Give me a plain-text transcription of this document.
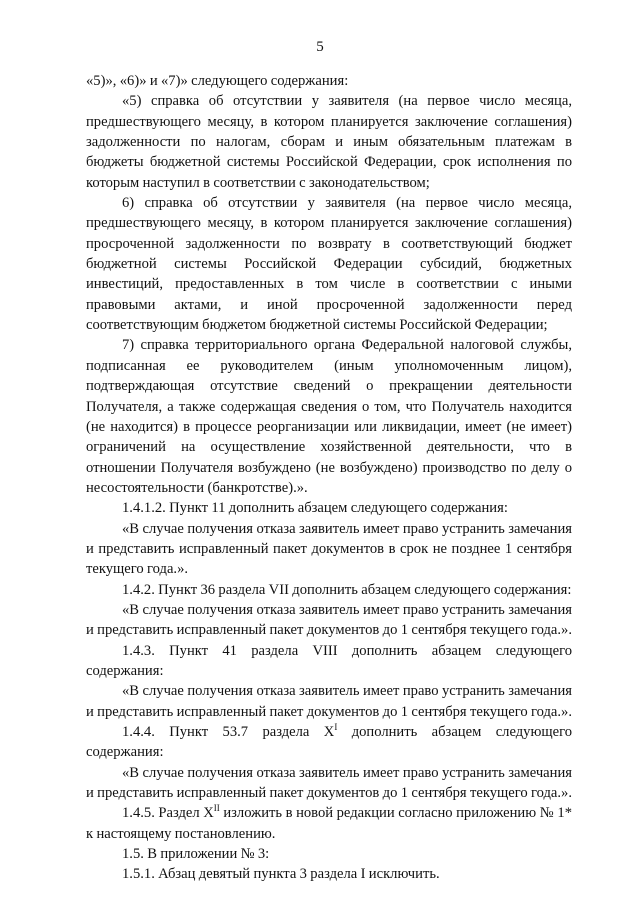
5

«5)», «6)» и «7)» следующего содержания:

«5) справка об отсутствии у заявителя (на первое число месяца, предшествующего месяцу, в котором планируется заключение соглашения) задолженности по налогам, сборам и иным обязательным платежам в бюджеты бюджетной системы Российской Федерации, срок исполнения по которым наступил в соответствии с законодательством;

6) справка об отсутствии у заявителя (на первое число месяца, предшествующего месяцу, в котором планируется заключение соглашения) просроченной задолженности по возврату в соответствующий бюджет бюджетной системы Российской Федерации субсидий, бюджетных инвестиций, предоставленных в том числе в соответствии с иными правовыми актами, и иной просроченной задолженности перед соответствующим бюджетом бюджетной системы Российской Федерации;

7) справка территориального органа Федеральной налоговой службы, подписанная ее руководителем (иным уполномоченным лицом), подтверждающая отсутствие сведений о прекращении деятельности Получателя, а также содержащая сведения о том, что Получатель находится (не находится) в процессе реорганизации или ликвидации, имеет (не имеет) ограничений на осуществление хозяйственной деятельности, что в отношении Получателя возбуждено (не возбуждено) производство по делу о несостоятельности (банкротстве).».

1.4.1.2. Пункт 11 дополнить абзацем следующего содержания:

«В случае получения отказа заявитель имеет право устранить замечания и представить исправленный пакет документов в срок не позднее 1 сентября текущего года.».

1.4.2. Пункт 36 раздела VII дополнить абзацем следующего содержания:

«В случае получения отказа заявитель имеет право устранить замечания и представить исправленный пакет документов до 1 сентября текущего года.».

1.4.3. Пункт 41 раздела VIII дополнить абзацем следующего содержания:

«В случае получения отказа заявитель имеет право устранить замечания и представить исправленный пакет документов до 1 сентября текущего года.».

1.4.4. Пункт 53.7 раздела $X^I$ дополнить абзацем следующего содержания:

«В случае получения отказа заявитель имеет право устранить замечания и представить исправленный пакет документов до 1 сентября текущего года.».

1.4.5. Раздел $X^{II}$ изложить в новой редакции согласно приложению № 1* к настоящему постановлению.

1.5. В приложении № 3:

1.5.1. Абзац девятый пункта 3 раздела I исключить.
